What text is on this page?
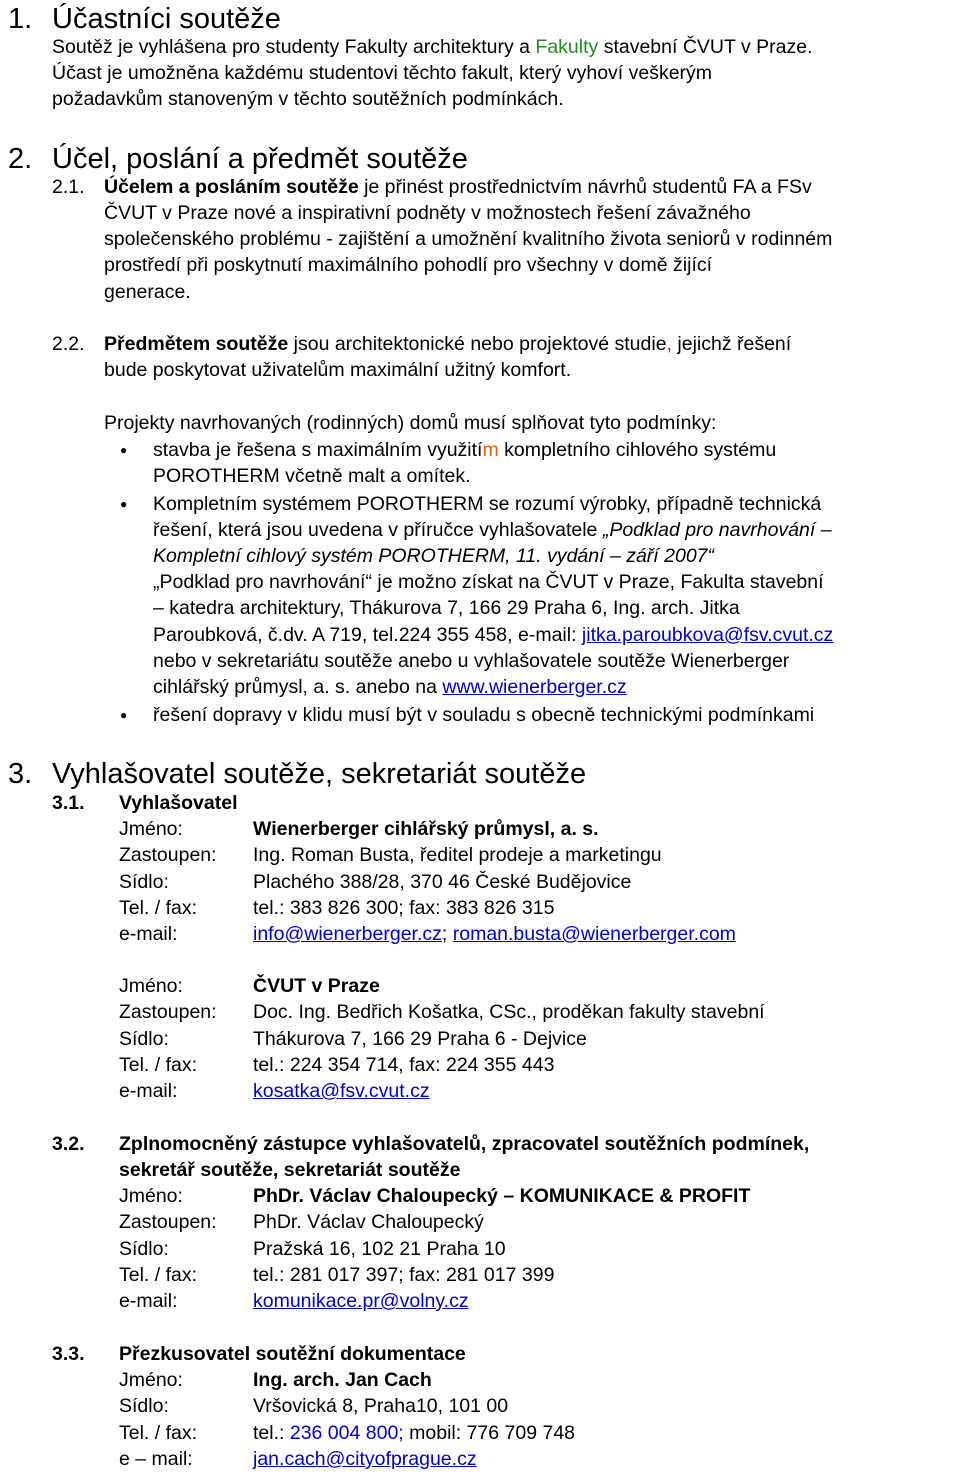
1. Účastníci soutěže
Soutěž je vyhlášena pro studenty Fakulty architektury a Fakulty stavební ČVUT v Praze.
Účast je umožněna každému studentovi těchto fakult, který vyhoví veškerým
požadavkům stanoveným v těchto soutěžních podmínkách.
2. Účel, poslání a předmět soutěže
2.1. Účelem a posláním soutěže je přinést prostřednictvím návrhů studentů FA a FSv
ČVUT v Praze nové a inspirativní podněty v možnostech řešení závažného
společenského problému - zajištění a umožnění kvalitního života seniorů v rodinném
prostředí při poskytnutí maximálního pohodlí pro všechny v domě žijící
generace.
2.2. Předmětem soutěže jsou architektonické nebo projektové studie, jejichž řešení
bude poskytovat uživatelům maximální užitný komfort.
Projekty navrhovaných (rodinných) domů musí splňovat tyto podmínky:
● stavba je řešena s maximálním využitím kompletního cihlového systému
POROTHERM včetně malt a omítek.
● Kompletním systémem POROTHERM se rozumí výrobky, případně technická
řešení, která jsou uvedena v příručce vyhlašovatele „Podklad pro navrhování –
Kompletní cihlový systém POROTHERM, 11. vydání – září 2007“
„Podklad pro navrhování“ je možno získat na ČVUT v Praze, Fakulta stavební
– katedra architektury, Thákurova 7, 166 29 Praha 6, Ing. arch. Jitka
Paroubková, č.dv. A 719, tel.224 355 458, e-mail: jitka.paroubkova@fsv.cvut.cz
nebo v sekretariátu soutěže anebo u vyhlašovatele soutěže Wienerberger
cihlářský průmysl, a. s. anebo na www.wienerberger.cz
● řešení dopravy v klidu musí být v souladu s obecně technickými podmínkami
3. Vyhlašovatel soutěže, sekretariát soutěže
3.1. Vyhlašovatel
Jméno:	Wienerberger cihlářský průmysl, a. s.
Zastoupen: Ing. Roman Busta, ředitel prodeje a marketingu
Sídlo:	Plachého 388/28, 370 46 České Budějovice
Tel. / fax:	tel.: 383 826 300; fax: 383 826 315
e-mail:	info@wienerberger.cz; roman.busta@wienerberger.com
Jméno:	ČVUT v Praze
Zastoupen: Doc. Ing. Bedřich Košatka, CSc., proděkan fakulty stavební
Sídlo:	Thákurova 7, 166 29 Praha 6 - Dejvice
Tel. / fax:	tel.: 224 354 714, fax: 224 355 443
e-mail:	kosatka@fsv.cvut.cz
3.2. Zplnomocněný zástupce vyhlašovatelů, zpracovatel soutěžních podmínek,
sekretář soutěže, sekretariát soutěže
Jméno:	PhDr. Václav Chaloupecký – KOMUNIKACE & PROFIT
Zastoupen: PhDr. Václav Chaloupecký
Sídlo:	Pražská 16, 102 21 Praha 10
Tel. / fax:	tel.: 281 017 397; fax: 281 017 399
e-mail:	komunikace.pr@volny.cz
3.3. Přezkusovatel soutěžní dokumentace
Jméno:	Ing. arch. Jan Cach
Sídlo:	Vršovická 8, Praha10, 101 00
Tel. / fax:	tel.: 236 004 800; mobil: 776 709 748
e – mail:	jan.cach@cityofprague.cz
